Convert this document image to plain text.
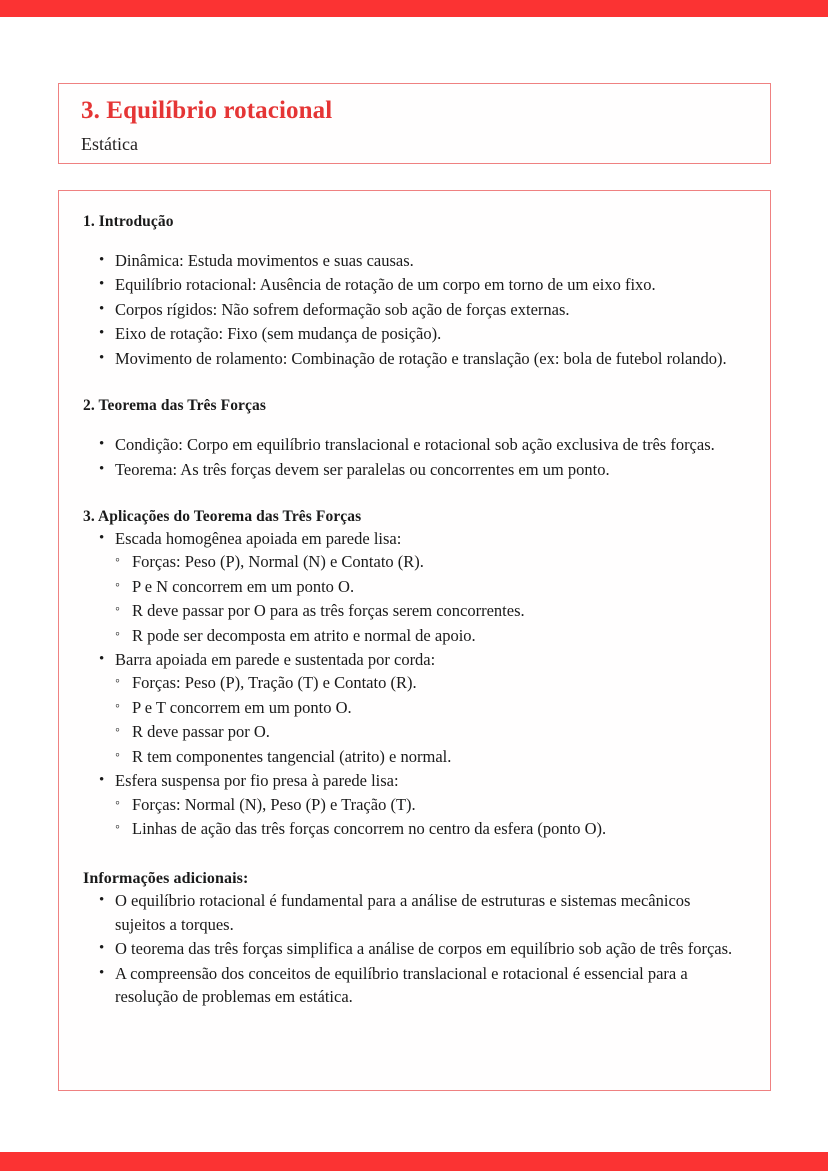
3. Equilíbrio rotacional
Estática
1. Introdução
• Dinâmica: Estuda movimentos e suas causas.
• Equilíbrio rotacional: Ausência de rotação de um corpo em torno de um eixo fixo.
• Corpos rígidos: Não sofrem deformação sob ação de forças externas.
• Eixo de rotação: Fixo (sem mudança de posição).
• Movimento de rolamento: Combinação de rotação e translação (ex: bola de futebol rolando).
2. Teorema das Três Forças
• Condição: Corpo em equilíbrio translacional e rotacional sob ação exclusiva de três forças.
• Teorema: As três forças devem ser paralelas ou concorrentes em um ponto.
3. Aplicações do Teorema das Três Forças
• Escada homogênea apoiada em parede lisa:
◦ Forças: Peso (P), Normal (N) e Contato (R).
◦ P e N concorrem em um ponto O.
◦ R deve passar por O para as três forças serem concorrentes.
◦ R pode ser decomposta em atrito e normal de apoio.
• Barra apoiada em parede e sustentada por corda:
◦ Forças: Peso (P), Tração (T) e Contato (R).
◦ P e T concorrem em um ponto O.
◦ R deve passar por O.
◦ R tem componentes tangencial (atrito) e normal.
• Esfera suspensa por fio presa à parede lisa:
◦ Forças: Normal (N), Peso (P) e Tração (T).
◦ Linhas de ação das três forças concorrem no centro da esfera (ponto O).
Informações adicionais:
• O equilíbrio rotacional é fundamental para a análise de estruturas e sistemas mecânicos sujeitos a torques.
• O teorema das três forças simplifica a análise de corpos em equilíbrio sob ação de três forças.
• A compreensão dos conceitos de equilíbrio translacional e rotacional é essencial para a resolução de problemas em estática.
